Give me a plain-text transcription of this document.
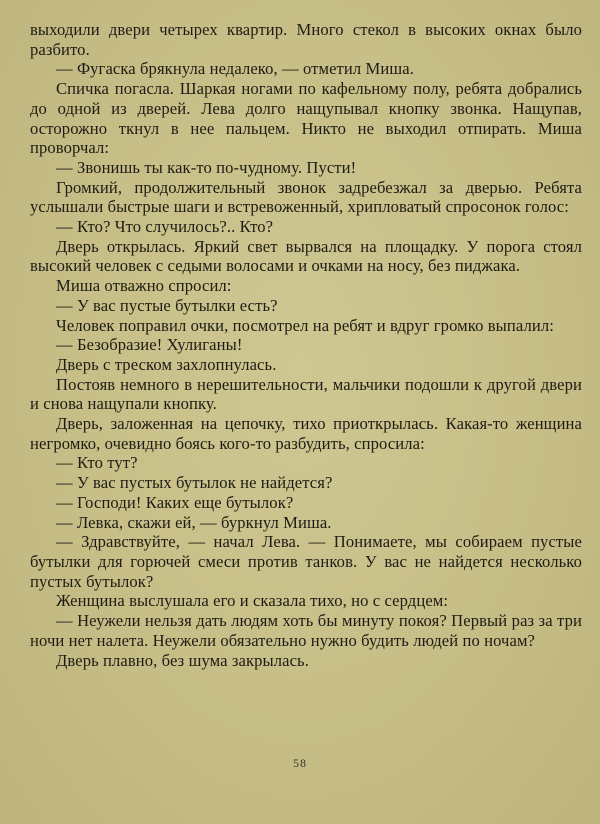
выходили двери четырех квартир. Много стекол в высоких окнах было разбито.

— Фугаска брякнула недалеко, — отметил Миша.

Спичка погасла. Шаркая ногами по кафельному полу, ребята добрались до одной из дверей. Лева долго нащупывал кнопку звонка. Нащупав, осторожно ткнул в нее пальцем. Никто не выходил отпирать. Миша проворчал:

— Звонишь ты как-то по-чудному. Пусти!

Громкий, продолжительный звонок задребезжал за дверью. Ребята услышали быстрые шаги и встревоженный, хрипловатый спросонок голос:

— Кто? Что случилось?.. Кто?

Дверь открылась. Яркий свет вырвался на площадку. У порога стоял высокий человек с седыми волосами и очками на носу, без пиджака.

Миша отважно спросил:

— У вас пустые бутылки есть?

Человек поправил очки, посмотрел на ребят и вдруг громко выпалил:

— Безобразие! Хулиганы!

Дверь с треском захлопнулась.

Постояв немного в нерешительности, мальчики подошли к другой двери и снова нащупали кнопку.

Дверь, заложенная на цепочку, тихо приоткрылась. Какая-то женщина негромко, очевидно боясь кого-то разбудить, спросила:

— Кто тут?

— У вас пустых бутылок не найдется?

— Господи! Каких еще бутылок?

— Левка, скажи ей, — буркнул Миша.

— Здравствуйте, — начал Лева. — Понимаете, мы собираем пустые бутылки для горючей смеси против танков. У вас не найдется несколько пустых бутылок?

Женщина выслушала его и сказала тихо, но с сердцем:

— Неужели нельзя дать людям хоть бы минуту покоя? Первый раз за три ночи нет налета. Неужели обязательно нужно будить людей по ночам?

Дверь плавно, без шума закрылась.

58
